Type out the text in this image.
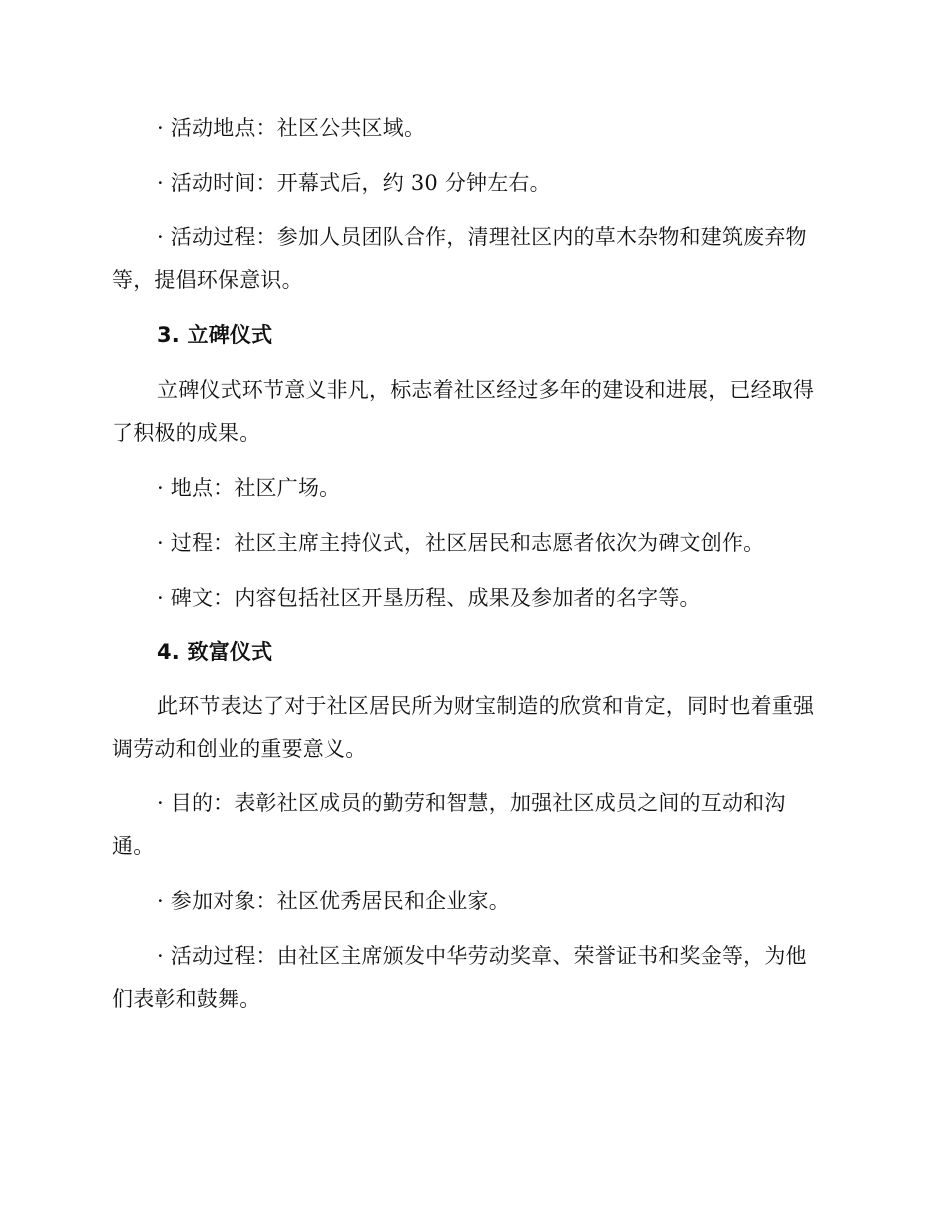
· 活动地点：社区公共区域。
· 活动时间：开幕式后，约 30 分钟左右。
· 活动过程：参加人员团队合作，清理社区内的草木杂物和建筑废弃物
等，提倡环保意识。
3. 立碑仪式
立碑仪式环节意义非凡，标志着社区经过多年的建设和进展，已经取得
了积极的成果。
· 地点：社区广场。
· 过程：社区主席主持仪式，社区居民和志愿者依次为碑文创作。
· 碑文：内容包括社区开垦历程、成果及参加者的名字等。
4. 致富仪式
此环节表达了对于社区居民所为财宝制造的欣赏和肯定，同时也着重强
调劳动和创业的重要意义。
· 目的：表彰社区成员的勤劳和智慧，加强社区成员之间的互动和沟
通。
· 参加对象：社区优秀居民和企业家。
· 活动过程：由社区主席颁发中华劳动奖章、荣誉证书和奖金等，为他
们表彰和鼓舞。
